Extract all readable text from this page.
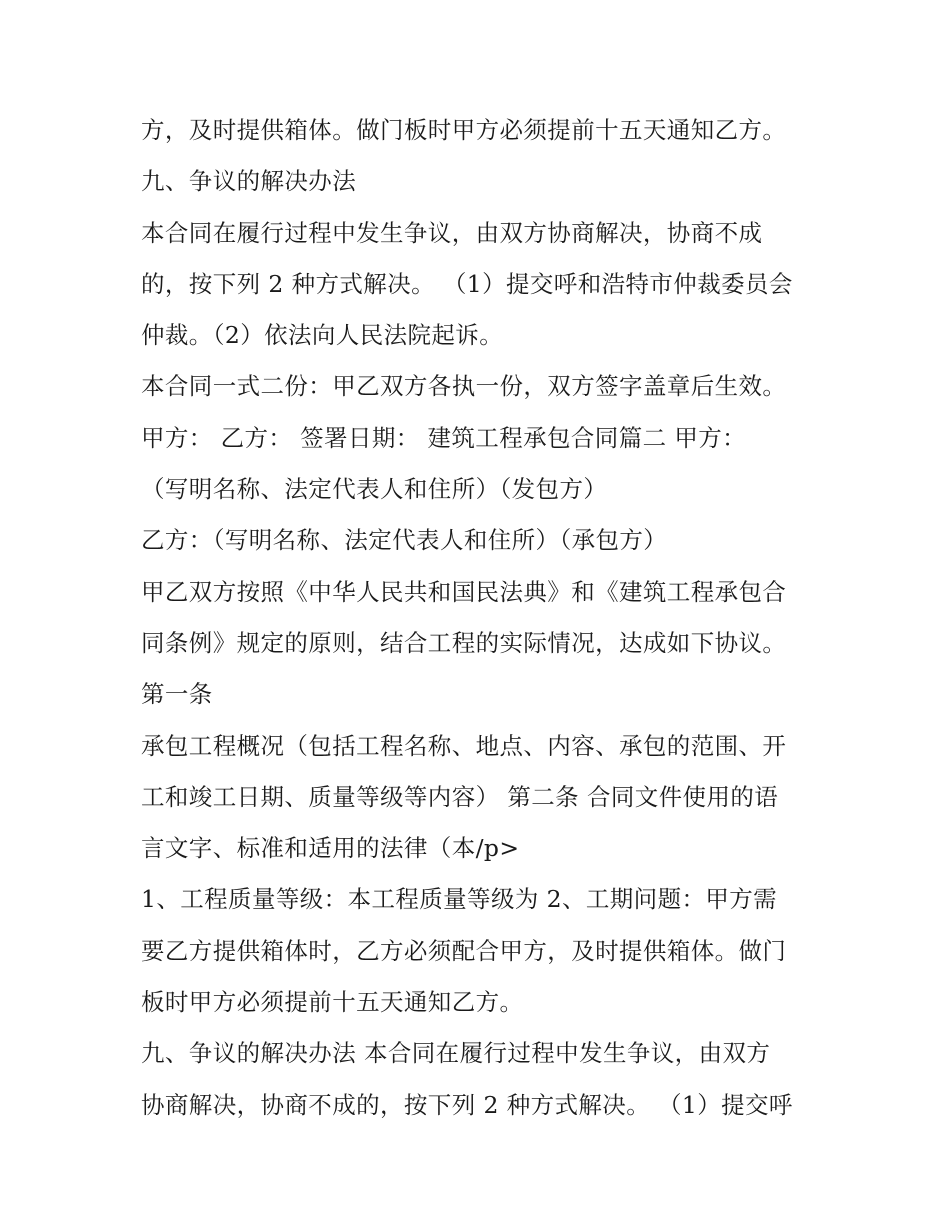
方，及时提供箱体。做门板时甲方必须提前十五天通知乙方。
九、争议的解决办法
本合同在履行过程中发生争议，由双方协商解决，协商不成
的，按下列 2 种方式解决。 （1）提交呼和浩特市仲裁委员会
仲裁。（2）依法向人民法院起诉。
本合同一式二份：甲乙双方各执一份，双方签字盖章后生效。
甲方： 乙方： 签署日期： 建筑工程承包合同篇二 甲方：
（写明名称、法定代表人和住所）（发包方）
乙方：（写明名称、法定代表人和住所）（承包方）
甲乙双方按照《中华人民共和国民法典》和《建筑工程承包合
同条例》规定的原则，结合工程的实际情况，达成如下协议。
第一条
承包工程概况（包括工程名称、地点、内容、承包的范围、开
工和竣工日期、质量等级等内容） 第二条 合同文件使用的语
言文字、标准和适用的法律（本/p>
1、工程质量等级：本工程质量等级为 2、工期问题：甲方需
要乙方提供箱体时，乙方必须配合甲方，及时提供箱体。做门
板时甲方必须提前十五天通知乙方。
九、争议的解决办法 本合同在履行过程中发生争议，由双方
协商解决，协商不成的，按下列 2 种方式解决。 （1）提交呼
